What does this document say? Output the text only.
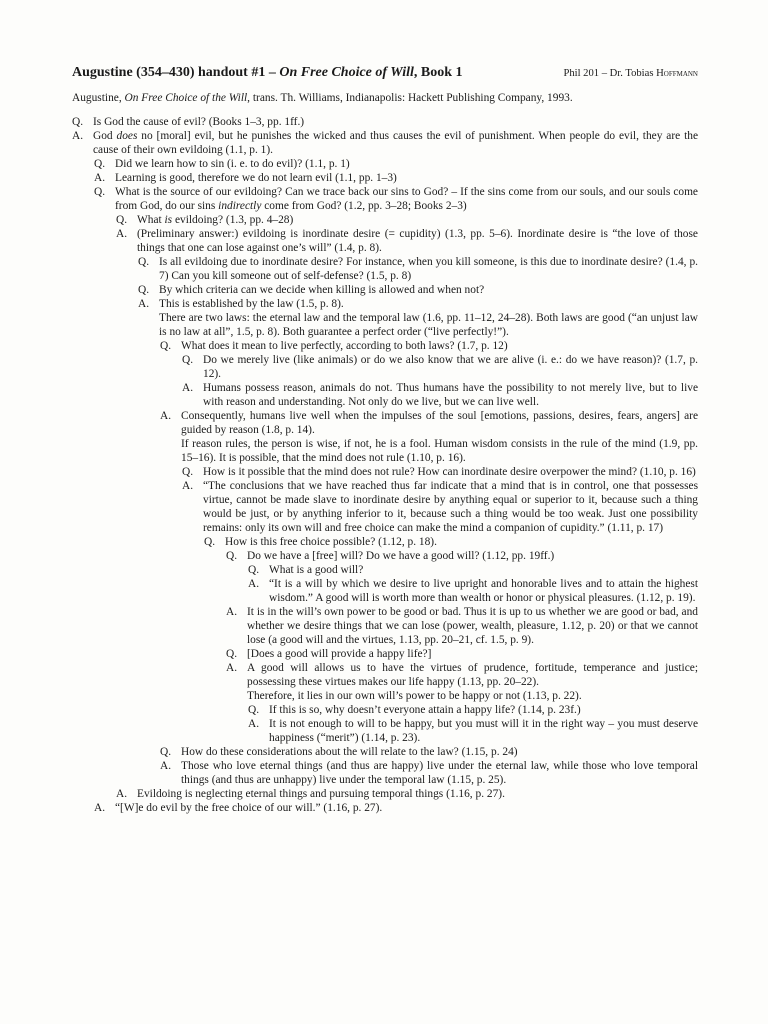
Augustine (354–430) handout #1 – On Free Choice of Will, Book 1	Phil 201 – Dr. Tobias Hoffmann
Augustine, On Free Choice of the Will, trans. Th. Williams, Indianapolis: Hackett Publishing Company, 1993.
Q. Is God the cause of evil? (Books 1–3, pp. 1ff.)
A. God does no [moral] evil, but he punishes the wicked and thus causes the evil of punishment. When people do evil, they are the cause of their own evildoing (1.1, p. 1).
Q. Did we learn how to sin (i. e. to do evil)? (1.1, p. 1)
A. Learning is good, therefore we do not learn evil (1.1, pp. 1–3)
Q. What is the source of our evildoing? Can we trace back our sins to God? – If the sins come from our souls, and our souls come from God, do our sins indirectly come from God? (1.2, pp. 3–28; Books 2–3)
Q. What is evildoing? (1.3, pp. 4–28)
A. (Preliminary answer:) evildoing is inordinate desire (= cupidity) (1.3, pp. 5–6). Inordinate desire is “the love of those things that one can lose against one’s will” (1.4, p. 8).
Q. Is all evildoing due to inordinate desire? For instance, when you kill someone, is this due to inordinate desire? (1.4, p. 7) Can you kill someone out of self-defense? (1.5, p. 8)
Q. By which criteria can we decide when killing is allowed and when not?
A. This is established by the law (1.5, p. 8).
There are two laws: the eternal law and the temporal law (1.6, pp. 11–12, 24–28). Both laws are good (“an unjust law is no law at all”, 1.5, p. 8). Both guarantee a perfect order (“live perfectly!”).
Q. What does it mean to live perfectly, according to both laws? (1.7, p. 12)
Q. Do we merely live (like animals) or do we also know that we are alive (i. e.: do we have reason)? (1.7, p. 12).
A. Humans possess reason, animals do not. Thus humans have the possibility to not merely live, but to live with reason and understanding. Not only do we live, but we can live well.
A. Consequently, humans live well when the impulses of the soul [emotions, passions, desires, fears, angers] are guided by reason (1.8, p. 14).
If reason rules, the person is wise, if not, he is a fool. Human wisdom consists in the rule of the mind (1.9, pp. 15–16). It is possible, that the mind does not rule (1.10, p. 16).
Q. How is it possible that the mind does not rule? How can inordinate desire overpower the mind? (1.10, p. 16)
A. “The conclusions that we have reached thus far indicate that a mind that is in control, one that possesses virtue, cannot be made slave to inordinate desire by anything equal or superior to it, because such a thing would be just, or by anything inferior to it, because such a thing would be too weak. Just one possibility remains: only its own will and free choice can make the mind a companion of cupidity.” (1.11, p. 17)
Q. How is this free choice possible? (1.12, p. 18).
Q. Do we have a [free] will? Do we have a good will? (1.12, pp. 19ff.)
Q. What is a good will?
A. “It is a will by which we desire to live upright and honorable lives and to attain the highest wisdom.” A good will is worth more than wealth or honor or physical pleasures. (1.12, p. 19).
A. It is in the will’s own power to be good or bad. Thus it is up to us whether we are good or bad, and whether we desire things that we can lose (power, wealth, pleasure, 1.12, p. 20) or that we cannot lose (a good will and the virtues, 1.13, pp. 20–21, cf. 1.5, p. 9).
Q. [Does a good will provide a happy life?]
A. A good will allows us to have the virtues of prudence, fortitude, temperance and justice; possessing these virtues makes our life happy (1.13, pp. 20–22).
Therefore, it lies in our own will’s power to be happy or not (1.13, p. 22).
Q. If this is so, why doesn’t everyone attain a happy life? (1.14, p. 23f.)
A. It is not enough to will to be happy, but you must will it in the right way – you must deserve happiness (“merit”) (1.14, p. 23).
Q. How do these considerations about the will relate to the law? (1.15, p. 24)
A. Those who love eternal things (and thus are happy) live under the eternal law, while those who love temporal things (and thus are unhappy) live under the temporal law (1.15, p. 25).
A. Evildoing is neglecting eternal things and pursuing temporal things (1.16, p. 27).
A. “[W]e do evil by the free choice of our will.” (1.16, p. 27).
